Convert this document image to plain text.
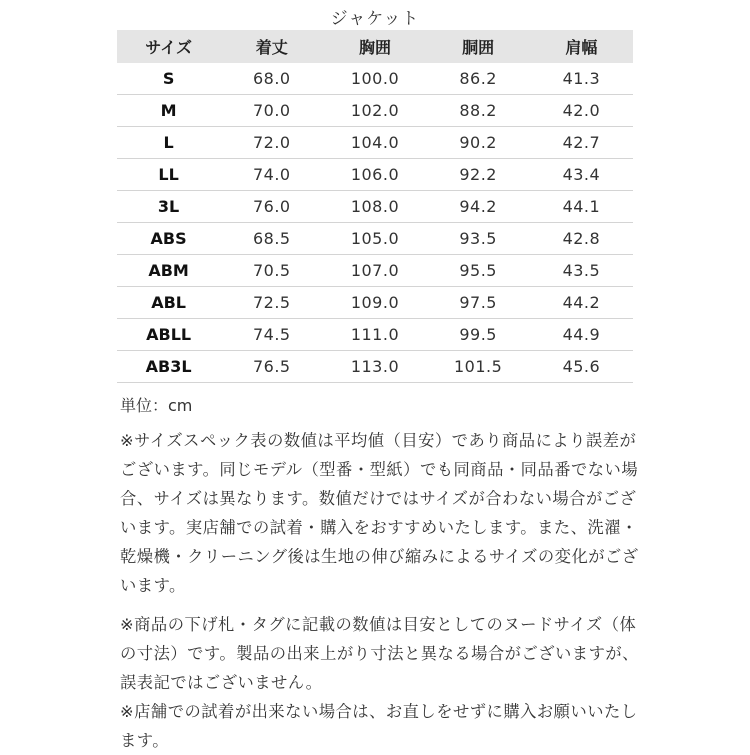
ジャケット
サイズ	着丈	胸囲	胴囲	肩幅
S	68.0	100.0	86.2	41.3
M	70.0	102.0	88.2	42.0
L	72.0	104.0	90.2	42.7
LL	74.0	106.0	92.2	43.4
3L	76.0	108.0	94.2	44.1
ABS	68.5	105.0	93.5	42.8
ABM	70.5	107.0	95.5	43.5
ABL	72.5	109.0	97.5	44.2
ABLL	74.5	111.0	99.5	44.9
AB3L	76.5	113.0	101.5	45.6
単位：cm

※サイズスペック表の数値は平均値（目安）であり商品により誤差がございます。同じモデル（型番・型紙）でも同商品・同品番でない場合、サイズは異なります。数値だけではサイズが合わない場合がございます。実店舗での試着・購入をおすすめいたします。また、洗濯・乾燥機・クリーニング後は生地の伸び縮みによるサイズの変化がございます。

※商品の下げ札・タグに記載の数値は目安としてのヌードサイズ（体の寸法）です。製品の出来上がり寸法と異なる場合がございますが、誤表記ではございません。
※店舗での試着が出来ない場合は、お直しをせずに購入お願いいたします。
